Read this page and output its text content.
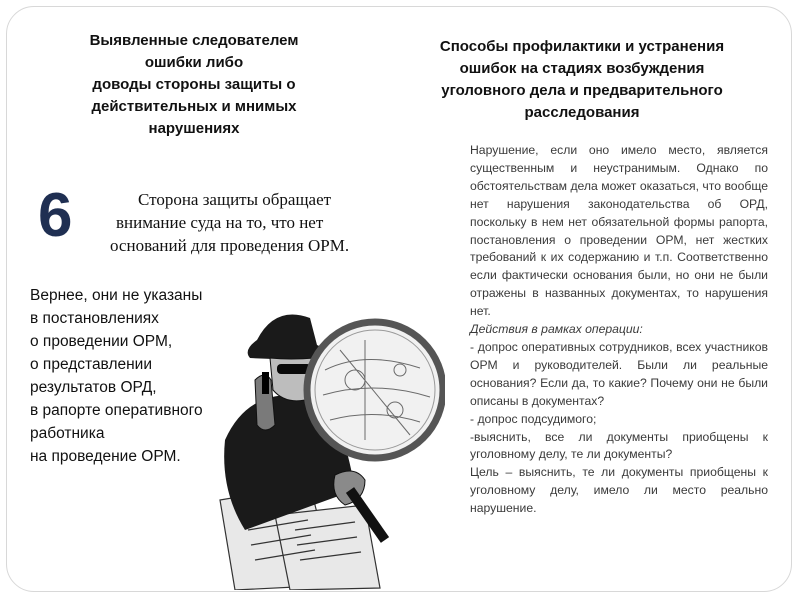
Выявленные следователем
ошибки либо
доводы стороны защиты о
действительных и мнимых
нарушениях
Способы профилактики и устранения
ошибок на стадиях возбуждения
уголовного дела и предварительного
расследования
6	Сторона защиты обращает
внимание суда на то, что нет
оснований для проведения ОРМ.
Вернее, они не указаны
в постановлениях
о проведении ОРМ,
о представлении
результатов ОРД,
в рапорте оперативного
работника
на проведение ОРМ.

Нарушение, если оно имело место, является существенным и неустранимым. Однако по обстоятельствам дела может оказаться, что вообще нет нарушения законодательства об ОРД, поскольку в нем нет обязательной формы рапорта, постановления о проведении ОРМ, нет жестких требований к их содержанию и т.п. Соответственно если фактически основания были, но они не были отражены в названных документах, то нарушения нет.

Действия в рамках операции:

- допрос оперативных сотрудников, всех участников ОРМ и руководителей. Были ли реальные основания? Если да, то какие? Почему они не были описаны в документах?

- допрос подсудимого;

-выяснить, все ли документы приобщены к уголовному делу, те ли документы?

Цель – выяснить, те ли документы приобщены к уголовному делу, имело ли место реально нарушение.
